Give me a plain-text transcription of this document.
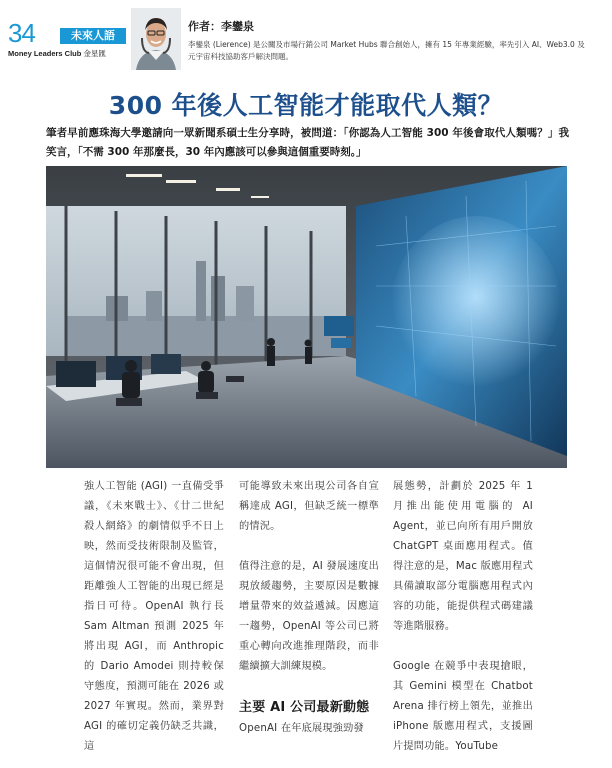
34	未來人語
Money Leaders Club 金星匯
作者：李鑾泉
李鑾泉 (Lierence) 是公關及市場行銷公司 Market Hubs 聯合創始人，擁有 15 年專業經驗，率先引入 AI、Web3.0 及元宇宙科技協助客戶解決問題。
300 年後人工智能才能取代人類？
筆者早前應珠海大學邀請向一眾新聞系碩士生分享時，被問道：「你認為人工智能 300 年後會取代人類嗎？」我笑言，「不需 300 年那麼長，30 年內應該可以參與這個重要時刻。」

強人工智能 (AGI) 一直備受爭議，《未來戰士》、《廿二世紀殺人網絡》的劇情似乎不日上映，然而受技術限制及監管，這個情況很可能不會出現，但距離強人工智能的出現已經是指日可待。OpenAI 執行長 Sam Altman 預測 2025 年將出現 AGI，而 Anthropic 的 Dario Amodei 則持較保守態度，預測可能在 2026 或 2027 年實現。然而，業界對 AGI 的確切定義仍缺乏共識，這

可能導致未來出現公司各自宣稱達成 AGI，但缺乏統一標準的情況。

值得注意的是，AI 發展速度出現放緩趨勢，主要原因是數據增量帶來的效益遞減。因應這一趨勢，OpenAI 等公司已將重心轉向改進推理階段，而非繼續擴大訓練規模。

主要 AI 公司最新動態

OpenAI 在年底展現強勁發

展態勢，計劃於 2025 年 1 月推出能使用電腦的 AI Agent，並已向所有用戶開放 ChatGPT 桌面應用程式。值得注意的是，Mac 版應用程式具備讀取部分電腦應用程式內容的功能，能提供程式碼建議等進階服務。

Google 在競爭中表現搶眼，其 Gemini 模型在 Chatbot Arena 排行榜上領先，並推出 iPhone 版應用程式，支援圖片提問功能。YouTube
